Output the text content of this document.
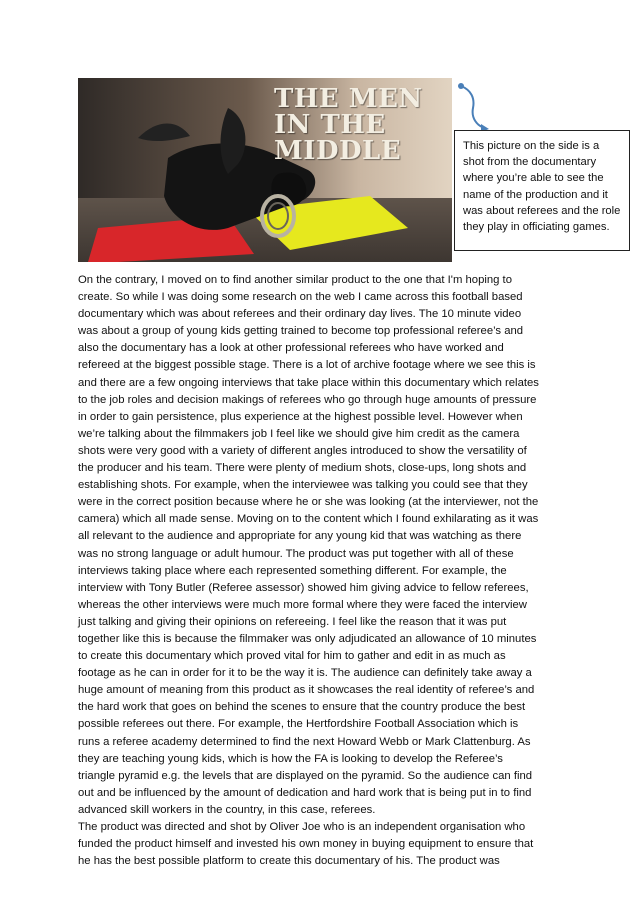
THE MEN
IN THE
MIDDLE	This picture on the side is a shot from the documentary where you’re able to see the name of the production and it was about referees and the role they play in officiating games.

On the contrary, I moved on to find another similar product to the one that I'm hoping to
create. So while I was doing some research on the web I came across this football based
documentary which was about referees and their ordinary day lives. The 10 minute video
was about a group of young kids getting trained to become top professional referee’s and
also the documentary has a look at other professional referees who have worked and
refereed at the biggest possible stage. There is a lot of archive footage where we see this is
and there are a few ongoing interviews that take place within this documentary which relates
to the job roles and decision makings of referees who go through huge amounts of pressure
in order to gain persistence, plus experience at the highest possible level. However when
we’re talking about the filmmakers job I feel like we should give him credit as the camera
shots were very good with a variety of different angles introduced to show the versatility of
the producer and his team. There were plenty of medium shots, close-ups, long shots and
establishing shots. For example, when the interviewee was talking you could see that they
were in the correct position because where he or she was looking (at the interviewer, not the
camera) which all made sense. Moving on to the content which I found exhilarating as it was
all relevant to the audience and appropriate for any young kid that was watching as there
was no strong language or adult humour. The product was put together with all of these
interviews taking place where each represented something different. For example, the
interview with Tony Butler (Referee assessor) showed him giving advice to fellow referees,
whereas the other interviews were much more formal where they were faced the interview
just talking and giving their opinions on refereeing. I feel like the reason that it was put
together like this is because the filmmaker was only adjudicated an allowance of 10 minutes
to create this documentary which proved vital for him to gather and edit in as much as
footage as he can in order for it to be the way it is. The audience can definitely take away a
huge amount of meaning from this product as it showcases the real identity of referee’s and
the hard work that goes on behind the scenes to ensure that the country produce the best
possible referees out there. For example, the Hertfordshire Football Association which is
runs a referee academy determined to find the next Howard Webb or Mark Clattenburg. As
they are teaching young kids, which is how the FA is looking to develop the Referee’s
triangle pyramid e.g. the levels that are displayed on the pyramid. So the audience can find
out and be influenced by the amount of dedication and hard work that is being put in to find
advanced skill workers in the country, in this case, referees.
The product was directed and shot by Oliver Joe who is an independent organisation who
funded the product himself and invested his own money in buying equipment to ensure that
he has the best possible platform to create this documentary of his. The product was
